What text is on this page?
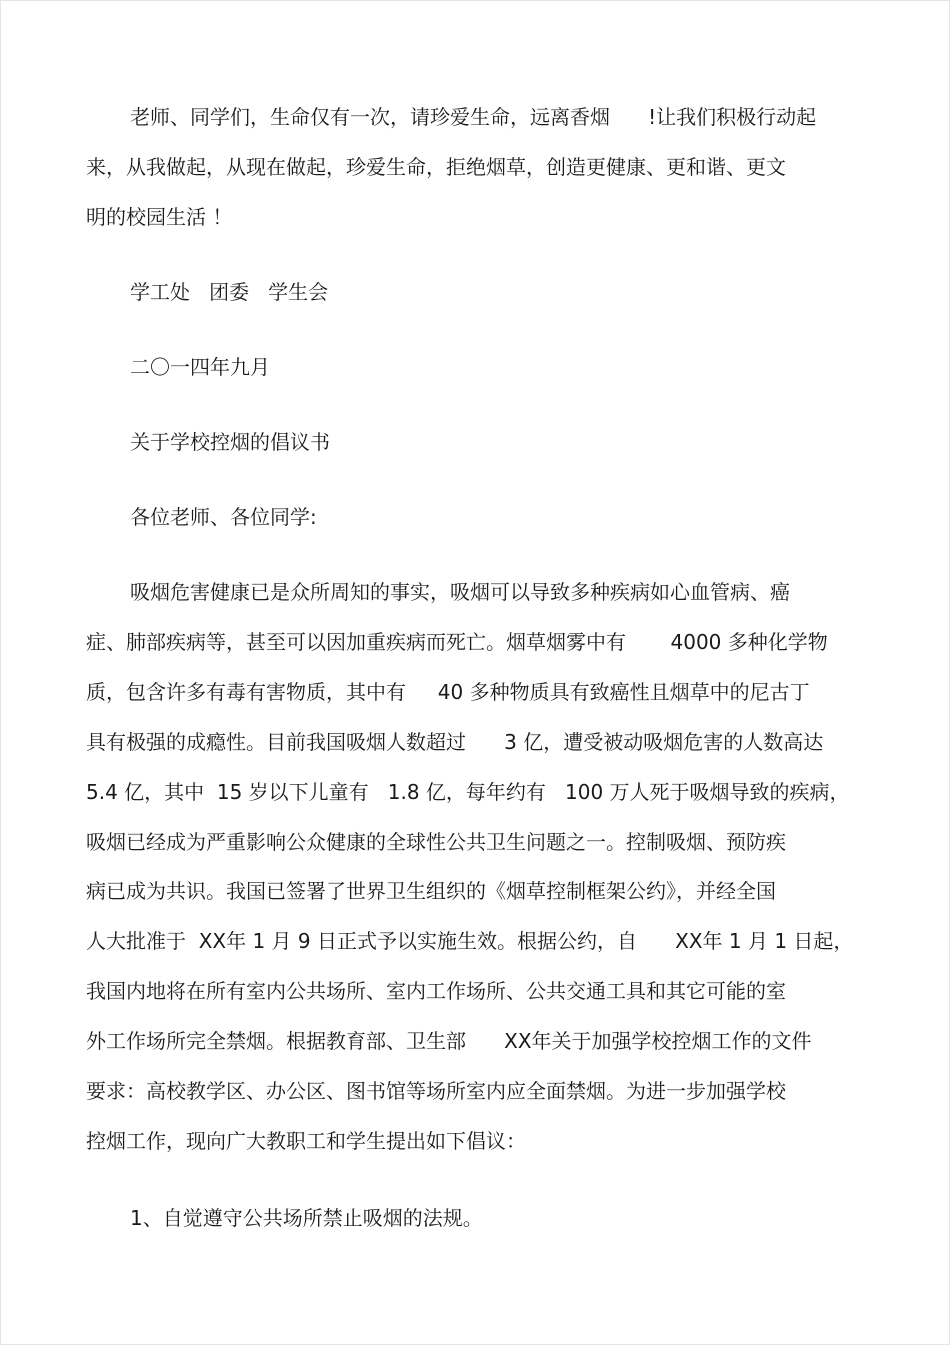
老师、同学们，生命仅有一次，请珍爱生命，远离香烟      !让我们积极行动起

来，从我做起，从现在做起，珍爱生命，拒绝烟草，创造更健康、更和谐、更文

明的校园生活 ！

学工处   团委   学生会

二〇一四年九月

关于学校控烟的倡议书

各位老师、各位同学:

吸烟危害健康已是众所周知的事实，吸烟可以导致多种疾病如心血管病、癌

症、肺部疾病等，甚至可以因加重疾病而死亡。烟草烟雾中有       4000 多种化学物

质，包含许多有毒有害物质，其中有     40 多种物质具有致癌性且烟草中的尼古丁

具有极强的成瘾性。目前我国吸烟人数超过      3 亿，遭受被动吸烟危害的人数高达

5.4 亿，其中  15 岁以下儿童有   1.8 亿，每年约有   100 万人死于吸烟导致的疾病，

吸烟已经成为严重影响公众健康的全球性公共卫生问题之一。控制吸烟、预防疾

病已成为共识。我国已签署了世界卫生组织的《烟草控制框架公约》，并经全国

人大批准于  XX年 1 月 9 日正式予以实施生效。根据公约，自      XX年 1 月 1 日起，

我国内地将在所有室内公共场所、室内工作场所、公共交通工具和其它可能的室

外工作场所完全禁烟。根据教育部、卫生部      XX年关于加强学校控烟工作的文件

要求：高校教学区、办公区、图书馆等场所室内应全面禁烟。为进一步加强学校

控烟工作，现向广大教职工和学生提出如下倡议：

1、自觉遵守公共场所禁止吸烟的法规。
